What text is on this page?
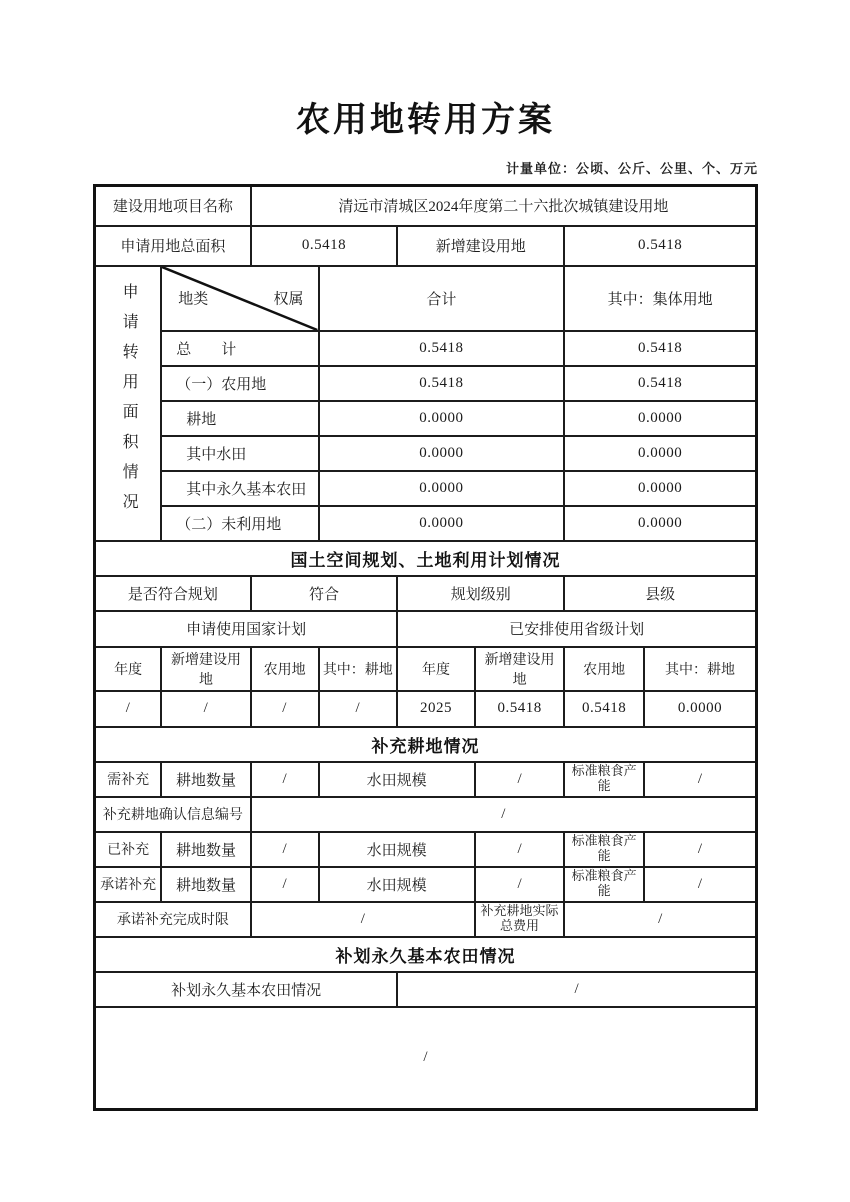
农用地转用方案
计量单位：公顷、公斤、公里、个、万元
建设用地项目名称		清远市清城区2024年度第二十六批次城镇建设用地					
申请用地总面积		0.5418		新增建设用地		0.5418	

申请转用面积情况	地类 权属		合计			其中：集体用地	
	总　　计		0.5418			0.5418	
	（一）农用地		0.5418			0.5418	
	耕地		0.0000			0.0000	
	其中水田		0.0000			0.0000	
	其中永久基本农田		0.0000			0.0000	
	（二）未利用地		0.0000			0.0000	
国土空间规划、土地利用计划情况							
是否符合规划		符合		规划级别		县级	
申请使用国家计划				已安排使用省级计划			
年度	新增建设用地	农用地	其中：耕地	年度	新增建设用地	农用地	其中：耕地
/	/	/	/	2025	0.5418	0.5418	0.0000
补充耕地情况							
需补充	耕地数量	/	水田规模		/	标准粮食产能	/
补充耕地确认信息编号		/					
已补充	耕地数量	/	水田规模		/	标准粮食产能	/
承诺补充	耕地数量	/	水田规模		/	标准粮食产能	/
承诺补充完成时限		/			补充耕地实际总费用	/	
补划永久基本农田情况							
补划永久基本农田情况				/			
/							
